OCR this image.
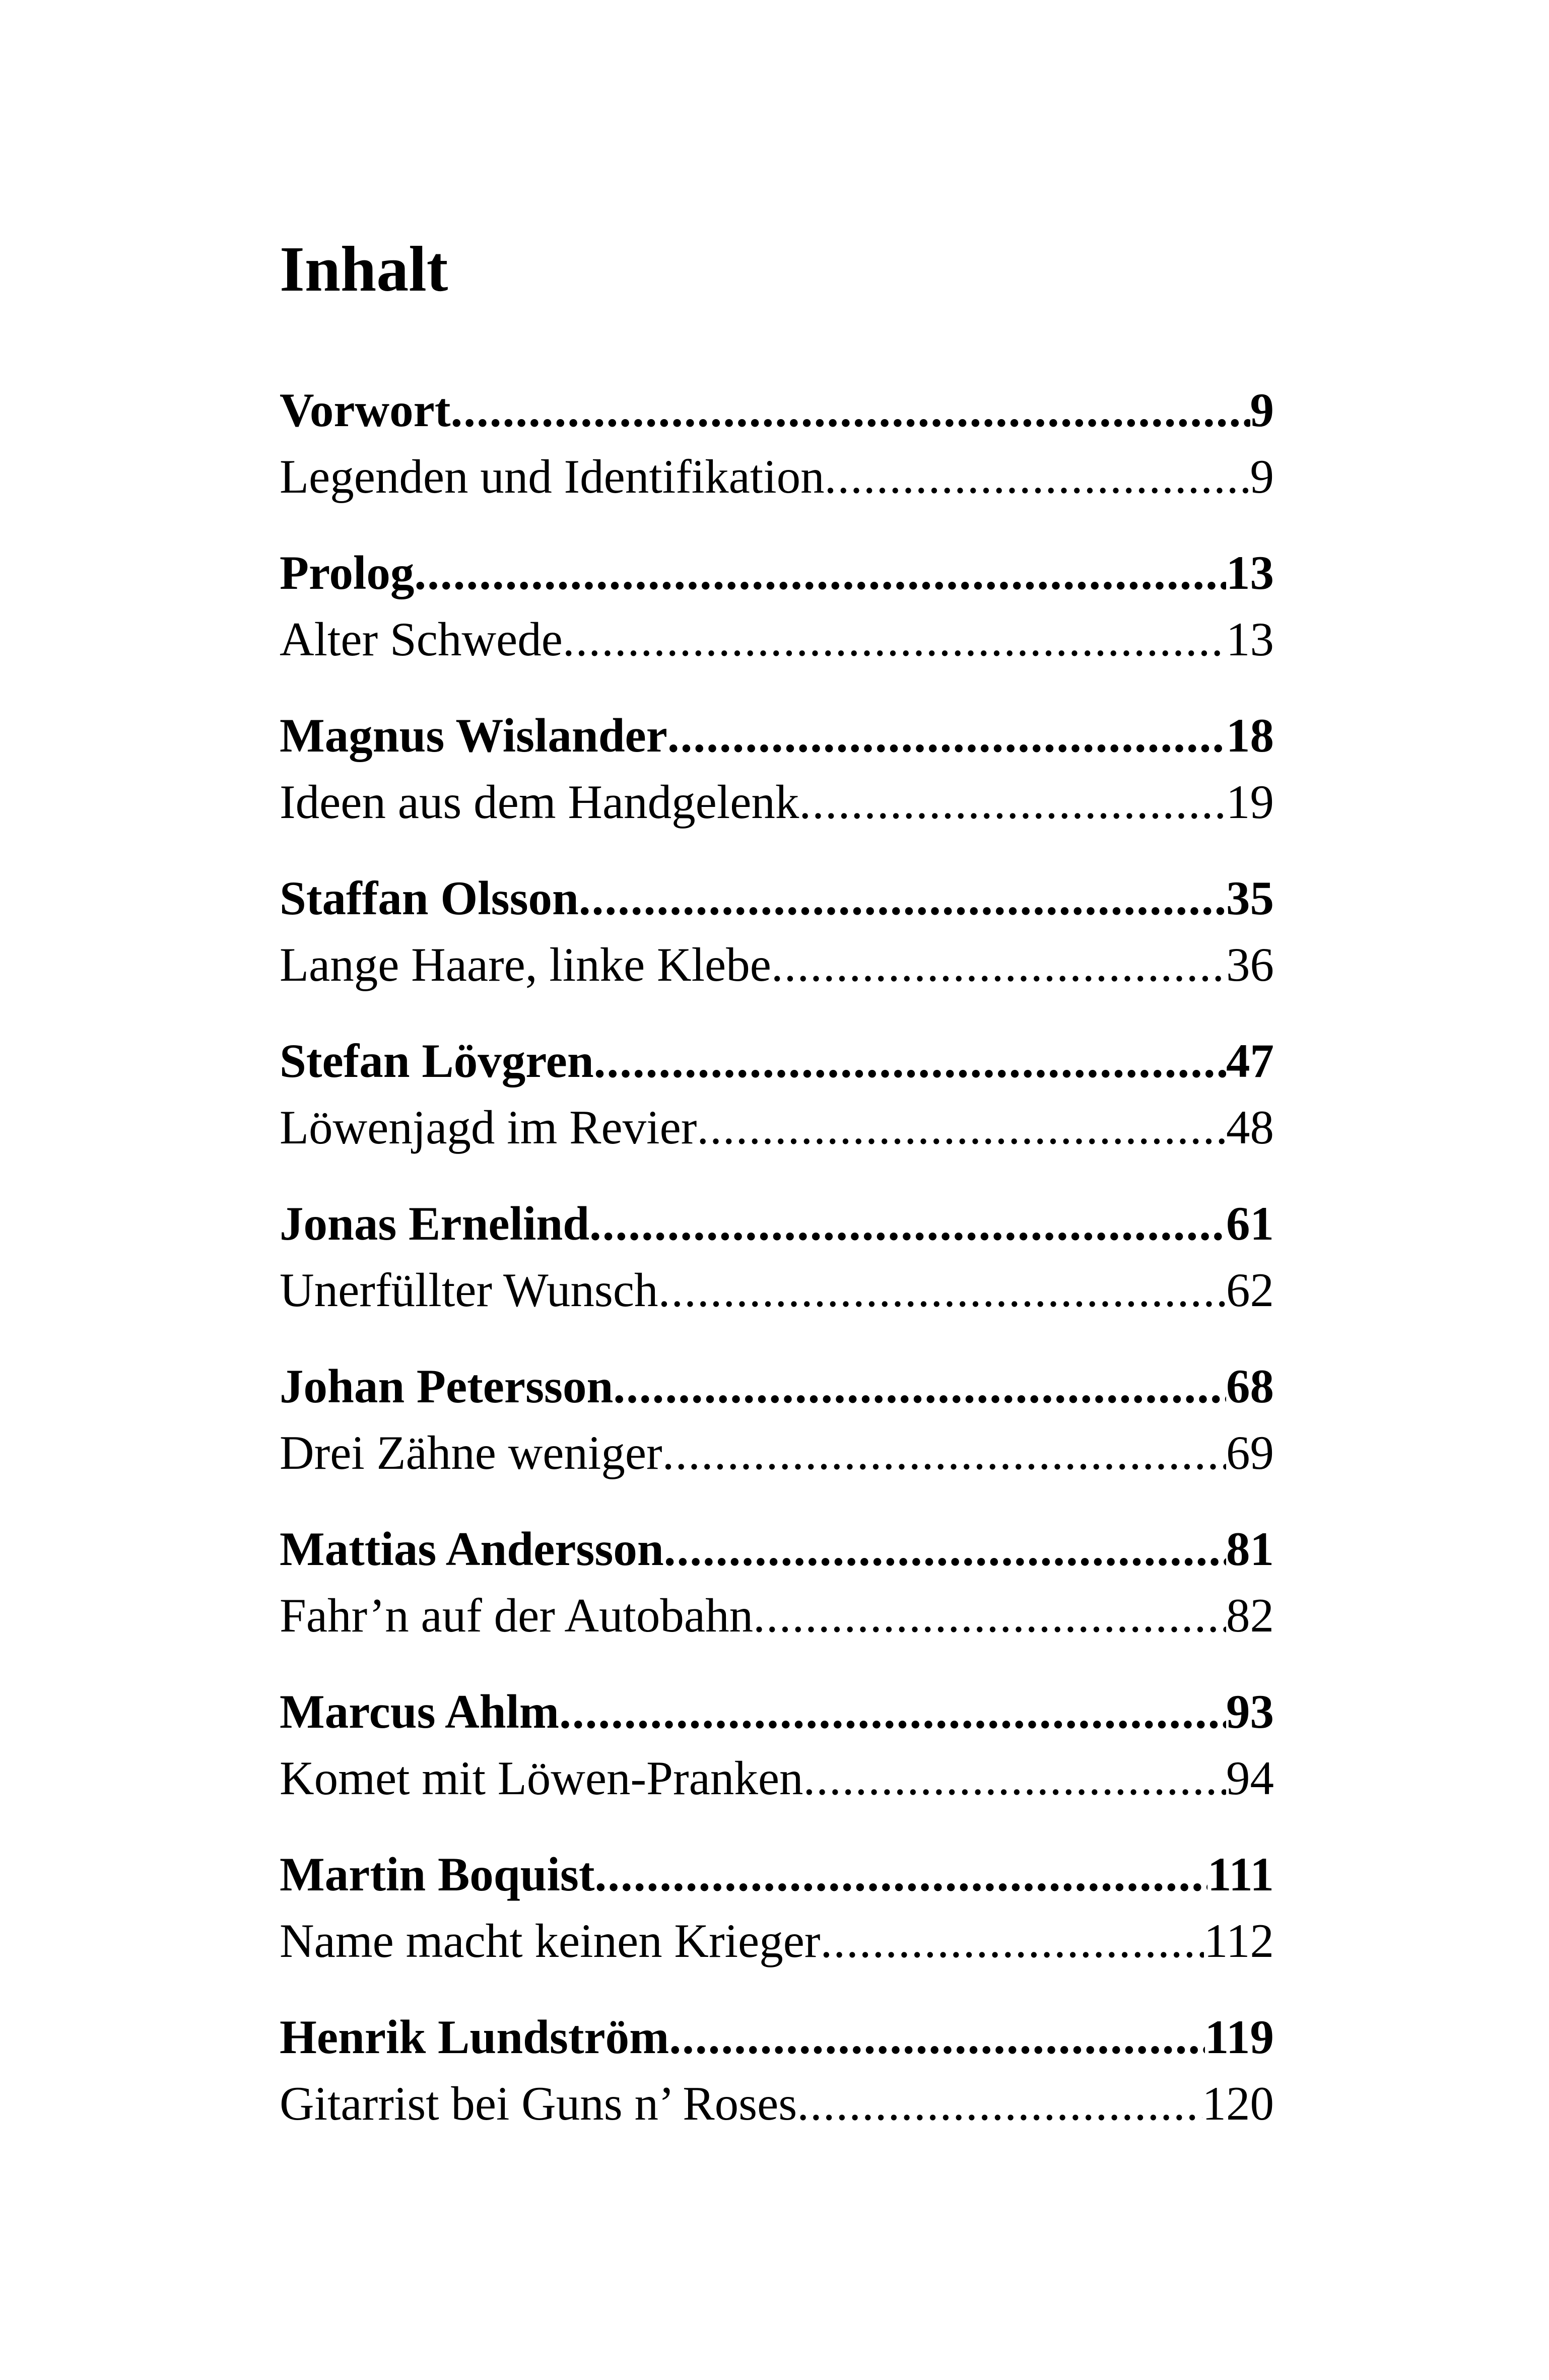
Inhalt
Vorwort .....	9
Legenden und Identifikation .....	9
Prolog .....	13
Alter Schwede .....	13
Magnus Wislander .....	18
Ideen aus dem Handgelenk .....	19
Staffan Olsson .....	35
Lange Haare, linke Klebe .....	36
Stefan Lövgren .....	47
Löwenjagd im Revier .....	48
Jonas Ernelind .....	61
Unerfüllter Wunsch .....	62
Johan Petersson .....	68
Drei Zähne weniger .....	69
Mattias Andersson .....	81
Fahr’n auf der Autobahn .....	82
Marcus Ahlm .....	93
Komet mit Löwen-Pranken .....	94
Martin Boquist .....	111
Name macht keinen Krieger .....	112
Henrik Lundström .....	119
Gitarrist bei Guns n’ Roses .....	120
